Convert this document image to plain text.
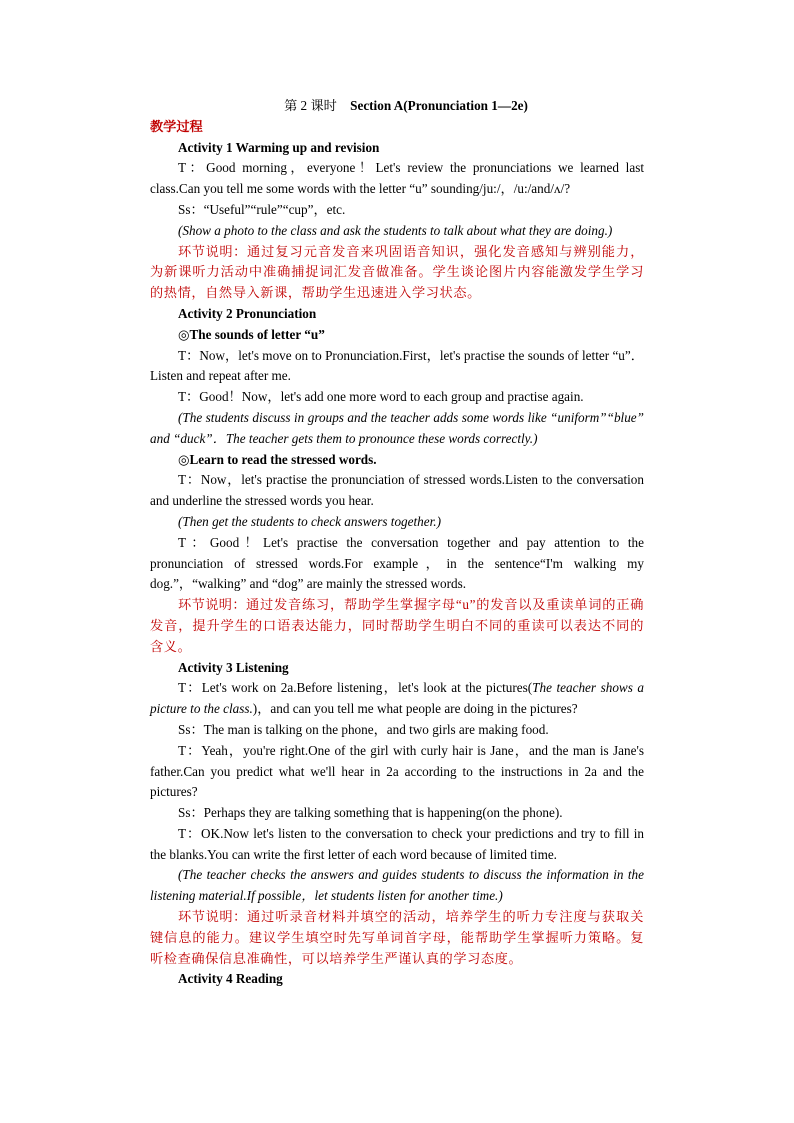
第 2 课时 Section A(Pronunciation 1—2e)
教学过程
Activity 1 Warming up and revision
T：Good morning，everyone！Let's review the pronunciations we learned last class.Can you tell me some words with the letter “u” sounding/ju:/，/u:/and/ʌ/?
Ss：“Useful”“rule”“cup”，etc.
(Show a photo to the class and ask the students to talk about what they are doing.)
环节说明：通过复习元音发音来巩固语音知识，强化发音感知与辨别能力，为新课听力活动中准确捕捉词汇发音做准备。学生谈论图片内容能激发学生学习的热情，自然导入新课，帮助学生迅速进入学习状态。
Activity 2 Pronunciation
◎The sounds of letter “u”
T：Now，let's move on to Pronunciation.First，let's practise the sounds of letter “u”．Listen and repeat after me.
T：Good！Now，let's add one more word to each group and practise again.
(The students discuss in groups and the teacher adds some words like “uniform”“blue” and “duck”．The teacher gets them to pronounce these words correctly.)
◎Learn to read the stressed words.
T：Now，let's practise the pronunciation of stressed words.Listen to the conversation and underline the stressed words you hear.
(Then get the students to check answers together.)
T：Good！Let's practise the conversation together and pay attention to the pronunciation of stressed words.For example，in the sentence“I'm walking my dog.”，“walking” and “dog” are mainly the stressed words.
环节说明：通过发音练习，帮助学生掌握字母“u”的发音以及重读单词的正确发音，提升学生的口语表达能力，同时帮助学生明白不同的重读可以表达不同的含义。
Activity 3 Listening
T：Let's work on 2a.Before listening，let's look at the pictures(The teacher shows a picture to the class.)，and can you tell me what people are doing in the pictures?
Ss：The man is talking on the phone，and two girls are making food.
T：Yeah，you're right.One of the girl with curly hair is Jane，and the man is Jane's father.Can you predict what we'll hear in 2a according to the instructions in 2a and the pictures?
Ss：Perhaps they are talking something that is happening(on the phone).
T：OK.Now let's listen to the conversation to check your predictions and try to fill in the blanks.You can write the first letter of each word because of limited time.
(The teacher checks the answers and guides students to discuss the information in the listening material.If possible，let students listen for another time.)
环节说明：通过听录音材料并填空的活动，培养学生的听力专注度与获取关键信息的能力。建议学生填空时先写单词首字母，能帮助学生掌握听力策略。复听检查确保信息准确性，可以培养学生严谨认真的学习态度。
Activity 4 Reading
